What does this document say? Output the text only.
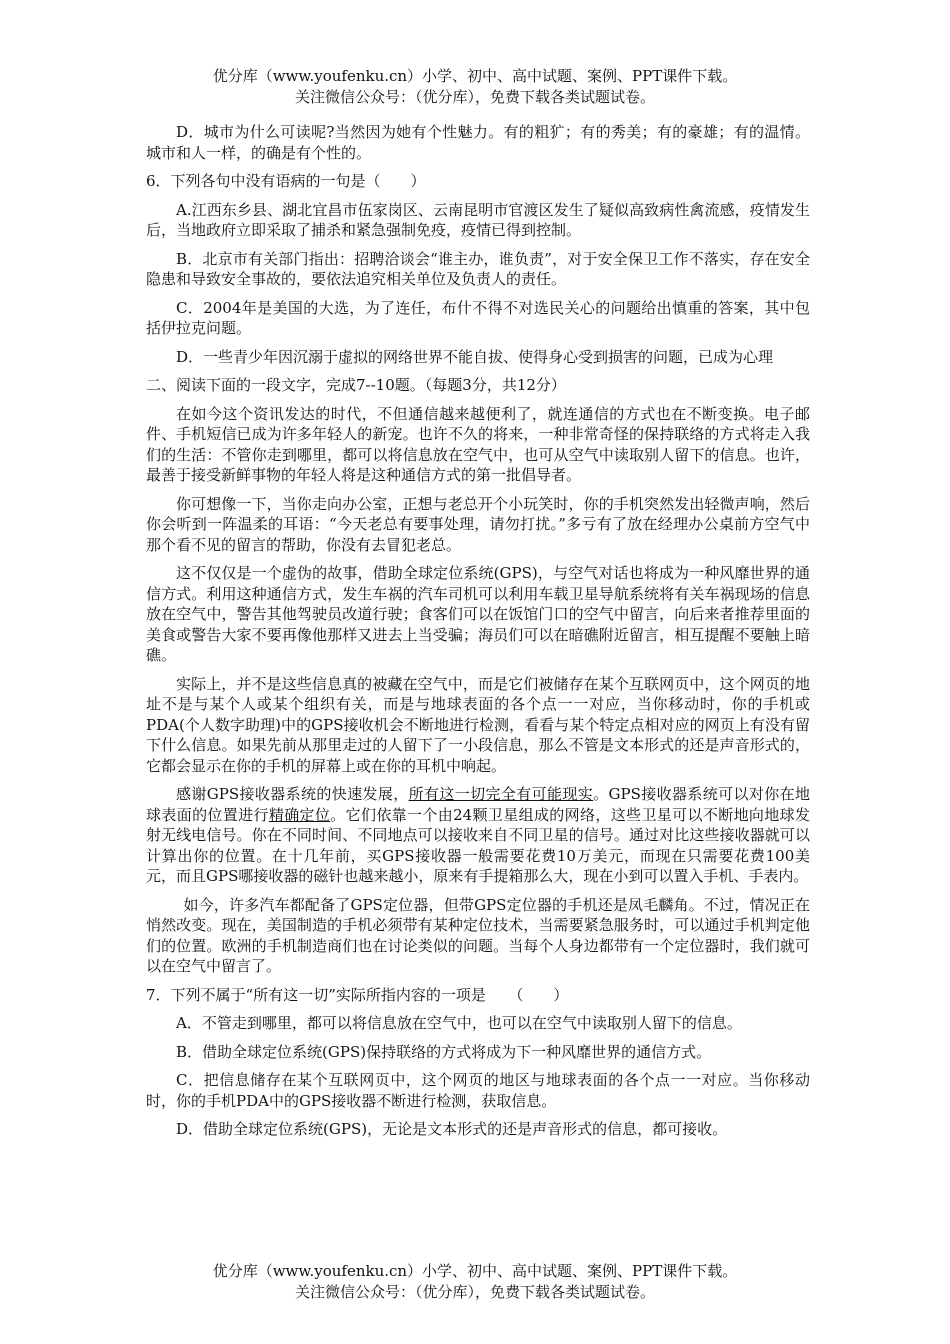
优分库（www.youfenku.cn）小学、初中、高中试题、案例、PPT课件下载。
关注微信公众号：（优分库），免费下载各类试题试卷。

D．城市为什么可读呢?当然因为她有个性魅力。有的粗犷；有的秀美；有的豪雄；有的温情。城市和人一样，的确是有个性的。

6．下列各句中没有语病的一句是（　　）

A.江西东乡县、湖北宜昌市伍家岗区、云南昆明市官渡区发生了疑似高致病性禽流感，疫情发生后，当地政府立即采取了捕杀和紧急强制免疫，疫情已得到控制。

B．北京市有关部门指出：招聘洽谈会“谁主办，谁负责”，对于安全保卫工作不落实，存在安全隐患和导致安全事故的，要依法追究相关单位及负责人的责任。

C．2004年是美国的大选，为了连任，布什不得不对选民关心的问题给出慎重的答案，其中包括伊拉克问题。

D．一些青少年因沉溺于虚拟的网络世界不能自拔、使得身心受到损害的问题，已成为心理

二、阅读下面的一段文字，完成7--10题。（每题3分，共12分）

在如今这个资讯发达的时代，不但通信越来越便利了，就连通信的方式也在不断变换。电子邮件、手机短信已成为许多年轻人的新宠。也许不久的将来，一种非常奇怪的保持联络的方式将走入我们的生活：不管你走到哪里，都可以将信息放在空气中，也可从空气中读取别人留下的信息。也许，最善于接受新鲜事物的年轻人将是这种通信方式的第一批倡导者。

你可想像一下，当你走向办公室，正想与老总开个小玩笑时，你的手机突然发出轻微声响，然后你会听到一阵温柔的耳语：“今天老总有要事处理，请勿打扰。”多亏有了放在经理办公桌前方空气中那个看不见的留言的帮助，你没有去冒犯老总。

这不仅仅是一个虚伪的故事，借助全球定位系统(GPS)，与空气对话也将成为一种风靡世界的通信方式。利用这种通信方式，发生车祸的汽车司机可以利用车载卫星导航系统将有关车祸现场的信息放在空气中，警告其他驾驶员改道行驶；食客们可以在饭馆门口的空气中留言，向后来者推荐里面的美食或警告大家不要再像他那样又进去上当受骗；海员们可以在暗礁附近留言，相互提醒不要触上暗礁。

实际上，并不是这些信息真的被藏在空气中，而是它们被储存在某个互联网页中，这个网页的地址不是与某个人或某个组织有关，而是与地球表面的各个点一一对应，当你移动时，你的手机或PDA(个人数字助理)中的GPS接收机会不断地进行检测，看看与某个特定点相对应的网页上有没有留下什么信息。如果先前从那里走过的人留下了一小段信息，那么不管是文本形式的还是声音形式的，它都会显示在你的手机的屏幕上或在你的耳机中响起。

感谢GPS接收器系统的快速发展，所有这一切完全有可能现实。GPS接收器系统可以对你在地球表面的位置进行精确定位。它们依靠一个由24颗卫星组成的网络，这些卫星可以不断地向地球发射无线电信号。你在不同时间、不同地点可以接收来自不同卫星的信号。通过对比这些接收器就可以计算出你的位置。在十几年前，买GPS接收器一般需要花费10万美元，而现在只需要花费100美元，而且GPS哪接收器的磁针也越来越小，原来有手提箱那么大，现在小到可以置入手机、手表内。

如今，许多汽车都配备了GPS定位器，但带GPS定位器的手机还是凤毛麟角。不过，情况正在悄然改变。现在，美国制造的手机必须带有某种定位技术，当需要紧急服务时，可以通过手机判定他们的位置。欧洲的手机制造商们也在讨论类似的问题。当每个人身边都带有一个定位器时，我们就可以在空气中留言了。

7．下列不属于“所有这一切”实际所指内容的一项是　　（　　）

A．不管走到哪里，都可以将信息放在空气中，也可以在空气中读取别人留下的信息。

B．借助全球定位系统(GPS)保持联络的方式将成为下一种风靡世界的通信方式。

C．把信息储存在某个互联网页中，这个网页的地区与地球表面的各个点一一对应。当你移动时，你的手机PDA中的GPS接收器不断进行检测，获取信息。

D．借助全球定位系统(GPS)，无论是文本形式的还是声音形式的信息，都可接收。

优分库（www.youfenku.cn）小学、初中、高中试题、案例、PPT课件下载。
关注微信公众号：（优分库），免费下载各类试题试卷。
